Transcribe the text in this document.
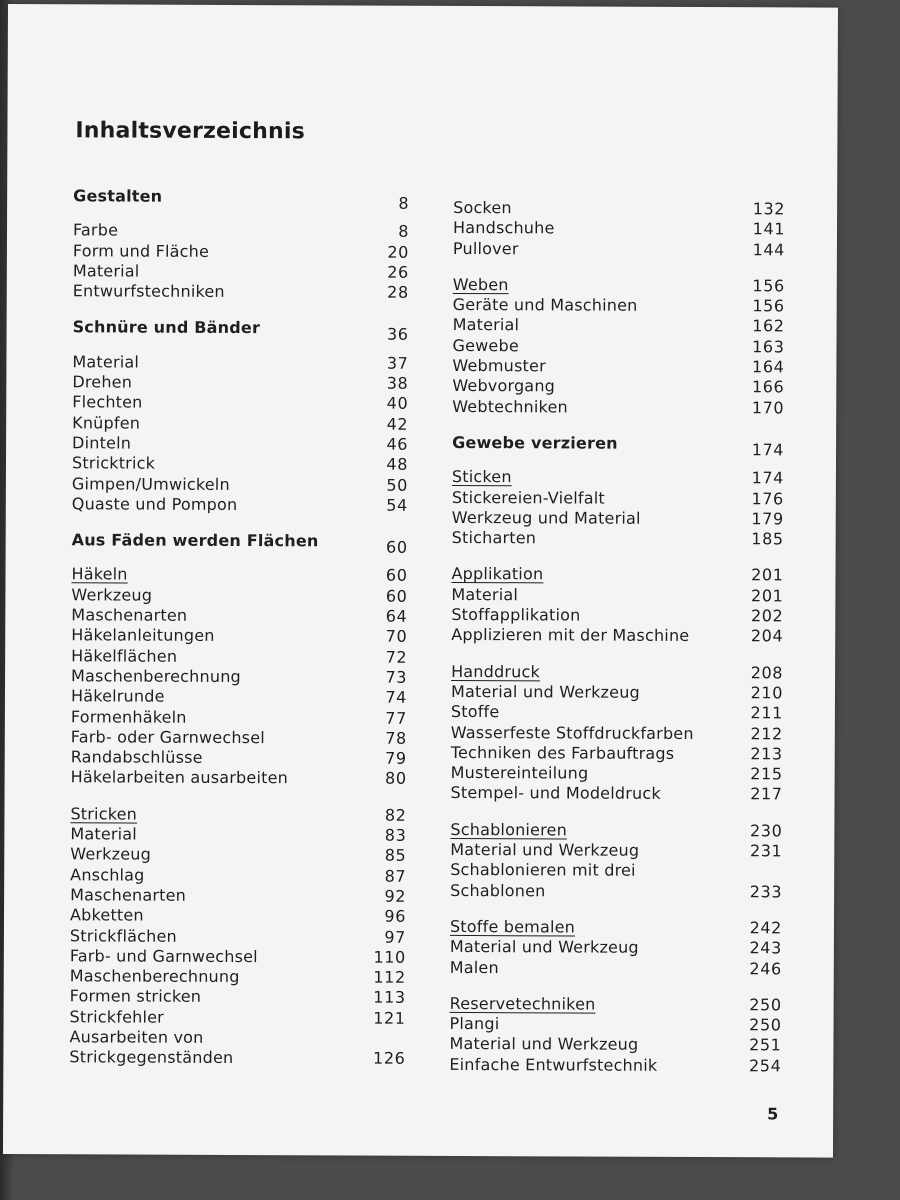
Inhaltsverzeichnis
Gestalten	8
Farbe	8
Form und Fläche	20
Material	26
Entwurfstechniken	28
Schnüre und Bänder	36
Material	37
Drehen	38
Flechten	40
Knüpfen	42
Dinteln	46
Stricktrick	48
Gimpen/Umwickeln	50
Quaste und Pompon	54
Aus Fäden werden Flächen	60
Häkeln	60
Werkzeug	60
Maschenarten	64
Häkelanleitungen	70
Häkelflächen	72
Maschenberechnung	73
Häkelrunde	74
Formenhäkeln	77
Farb- oder Garnwechsel	78
Randabschlüsse	79
Häkelarbeiten ausarbeiten	80
Stricken	82
Material	83
Werkzeug	85
Anschlag	87
Maschenarten	92
Abketten	96
Strickflächen	97
Farb- und Garnwechsel	110
Maschenberechnung	112
Formen stricken	113
Strickfehler	121
Ausarbeiten von
Strickgegenständen	126
Socken	132
Handschuhe	141
Pullover	144
Weben	156
Geräte und Maschinen	156
Material	162
Gewebe	163
Webmuster	164
Webvorgang	166
Webtechniken	170
Gewebe verzieren	174
Sticken	174
Stickereien-Vielfalt	176
Werkzeug und Material	179
Sticharten	185
Applikation	201
Material	201
Stoffapplikation	202
Applizieren mit der Maschine	204
Handdruck	208
Material und Werkzeug	210
Stoffe	211
Wasserfeste Stoffdruckfarben	212
Techniken des Farbauftrags	213
Mustereinteilung	215
Stempel- und Modeldruck	217
Schablonieren	230
Material und Werkzeug	231
Schablonieren mit drei
Schablonen	233
Stoffe bemalen	242
Material und Werkzeug	243
Malen	246
Reservetechniken	250
Plangi	250
Material und Werkzeug	251
Einfache Entwurfstechnik	254
5
